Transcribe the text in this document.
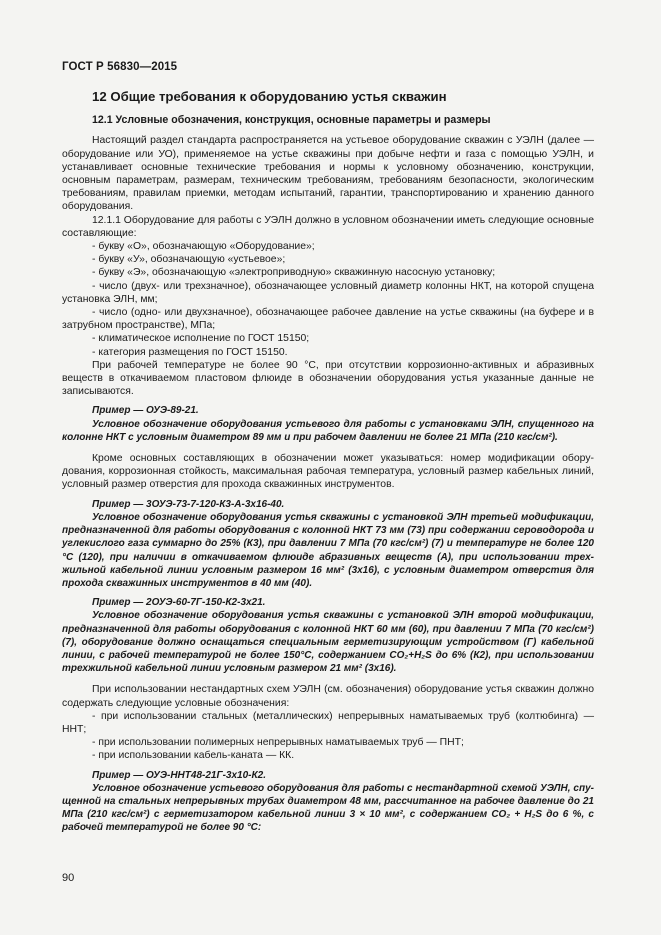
ГОСТ Р 56830—2015
12 Общие требования к оборудованию устья скважин
12.1 Условные обозначения, конструкция, основные параметры и размеры

Настоящий раздел стандарта распространяется на устьевое оборудование скважин с УЭЛН (далее — оборудование или УО), применяемое на устье скважины при добыче нефти и газа с помощью УЭЛН, и устанавливает основные технические требования и нормы к условному обозначению, конструкции, основным параметрам, размерам, техническим требованиям, требованиям безопасности, экологическим требованиям, правилам приемки, методам испытаний, гарантии, транспортированию и хранению данного оборудования.

12.1.1 Оборудование для работы с УЭЛН должно в условном обозначении иметь следующие основные составляющие:

- букву «О», обозначающую «Оборудование»;

- букву «У», обозначающую «устьевое»;

- букву «Э», обозначающую «электроприводную» скважинную насосную установку;

- число (двух- или трехзначное), обозначающее условный диаметр колонны НКТ, на которой спущена установка ЭЛН, мм;

- число (одно- или двухзначное), обозначающее рабочее давление на устье скважины (на буфере и в затрубном пространстве), МПа;

- климатическое исполнение по ГОСТ 15150;

- категория размещения по ГОСТ 15150.

При рабочей температуре не более 90 °С, при отсутствии коррозионно-активных и абразивных веществ в откачиваемом пластовом флюиде в обозначении оборудования устья указанные данные не записываются.

Пример — ОУЭ-89-21.

Условное обозначение оборудования устьевого для работы с установками ЭЛН, спущенного на колонне НКТ с условным диаметром 89 мм и при рабочем давлении не более 21 МПа (210 кгс/см²).

Кроме основных составляющих в обозначении может указываться: номер модификации оборудования, коррозионная стойкость, максимальная рабочая температура, условный размер кабельных линий, условный размер отверстия для прохода скважинных инструментов.

Пример — 3ОУЭ-73-7-120-К3-А-3х16-40.

Условное обозначение оборудования устья скважины с установкой ЭЛН третьей модификации, предназначенной для работы оборудования с колонной НКТ 73 мм (73) при содержании сероводорода и углекислого газа суммарно до 25% (К3), при давлении 7 МПа (70 кгс/см²) (7) и температуре не более 120 °С (120), при наличии в откачиваемом флюиде абразивных веществ (А), при использовании трехжильной кабельной линии условным размером 16 мм² (3х16), с условным диаметром отверстия для прохода скважинных инструментов в 40 мм (40).

Пример — 2ОУЭ-60-7Г-150-К2-3х21.

Условное обозначение оборудования устья скважины с установкой ЭЛН второй модификации, предназначенной для работы оборудования с колонной НКТ 60 мм (60), при давлении 7 МПа (70 кгс/см²) (7), оборудование должно оснащаться специальным герметизирующим устройством (Г) кабельной линии, с рабочей температурой не более 150°С, содержанием CO₂+H₂S до 6% (К2), при использовании трехжильной кабельной линии условным размером 21 мм² (3х16).

При использовании нестандартных схем УЭЛН (см. обозначения) оборудование устья скважин должно содержать следующие условные обозначения:

- при использовании стальных (металлических) непрерывных наматываемых труб (колтюбинга) — ННТ;

- при использовании полимерных непрерывных наматываемых труб — ПНТ;

- при использовании кабель-каната — КК.

Пример — ОУЭ-ННТ48-21Г-3х10-К2.

Условное обозначение устьевого оборудования для работы с нестандартной схемой УЭЛН, спущенной на стальных непрерывных трубах диаметром 48 мм, рассчитанное на рабочее давление до 21 МПа (210 кгс/см²) с герметизатором кабельной линии 3 × 10 мм², с содержанием CO₂ + H₂S до 6 %, с рабочей температурой не более 90 °С:

90
